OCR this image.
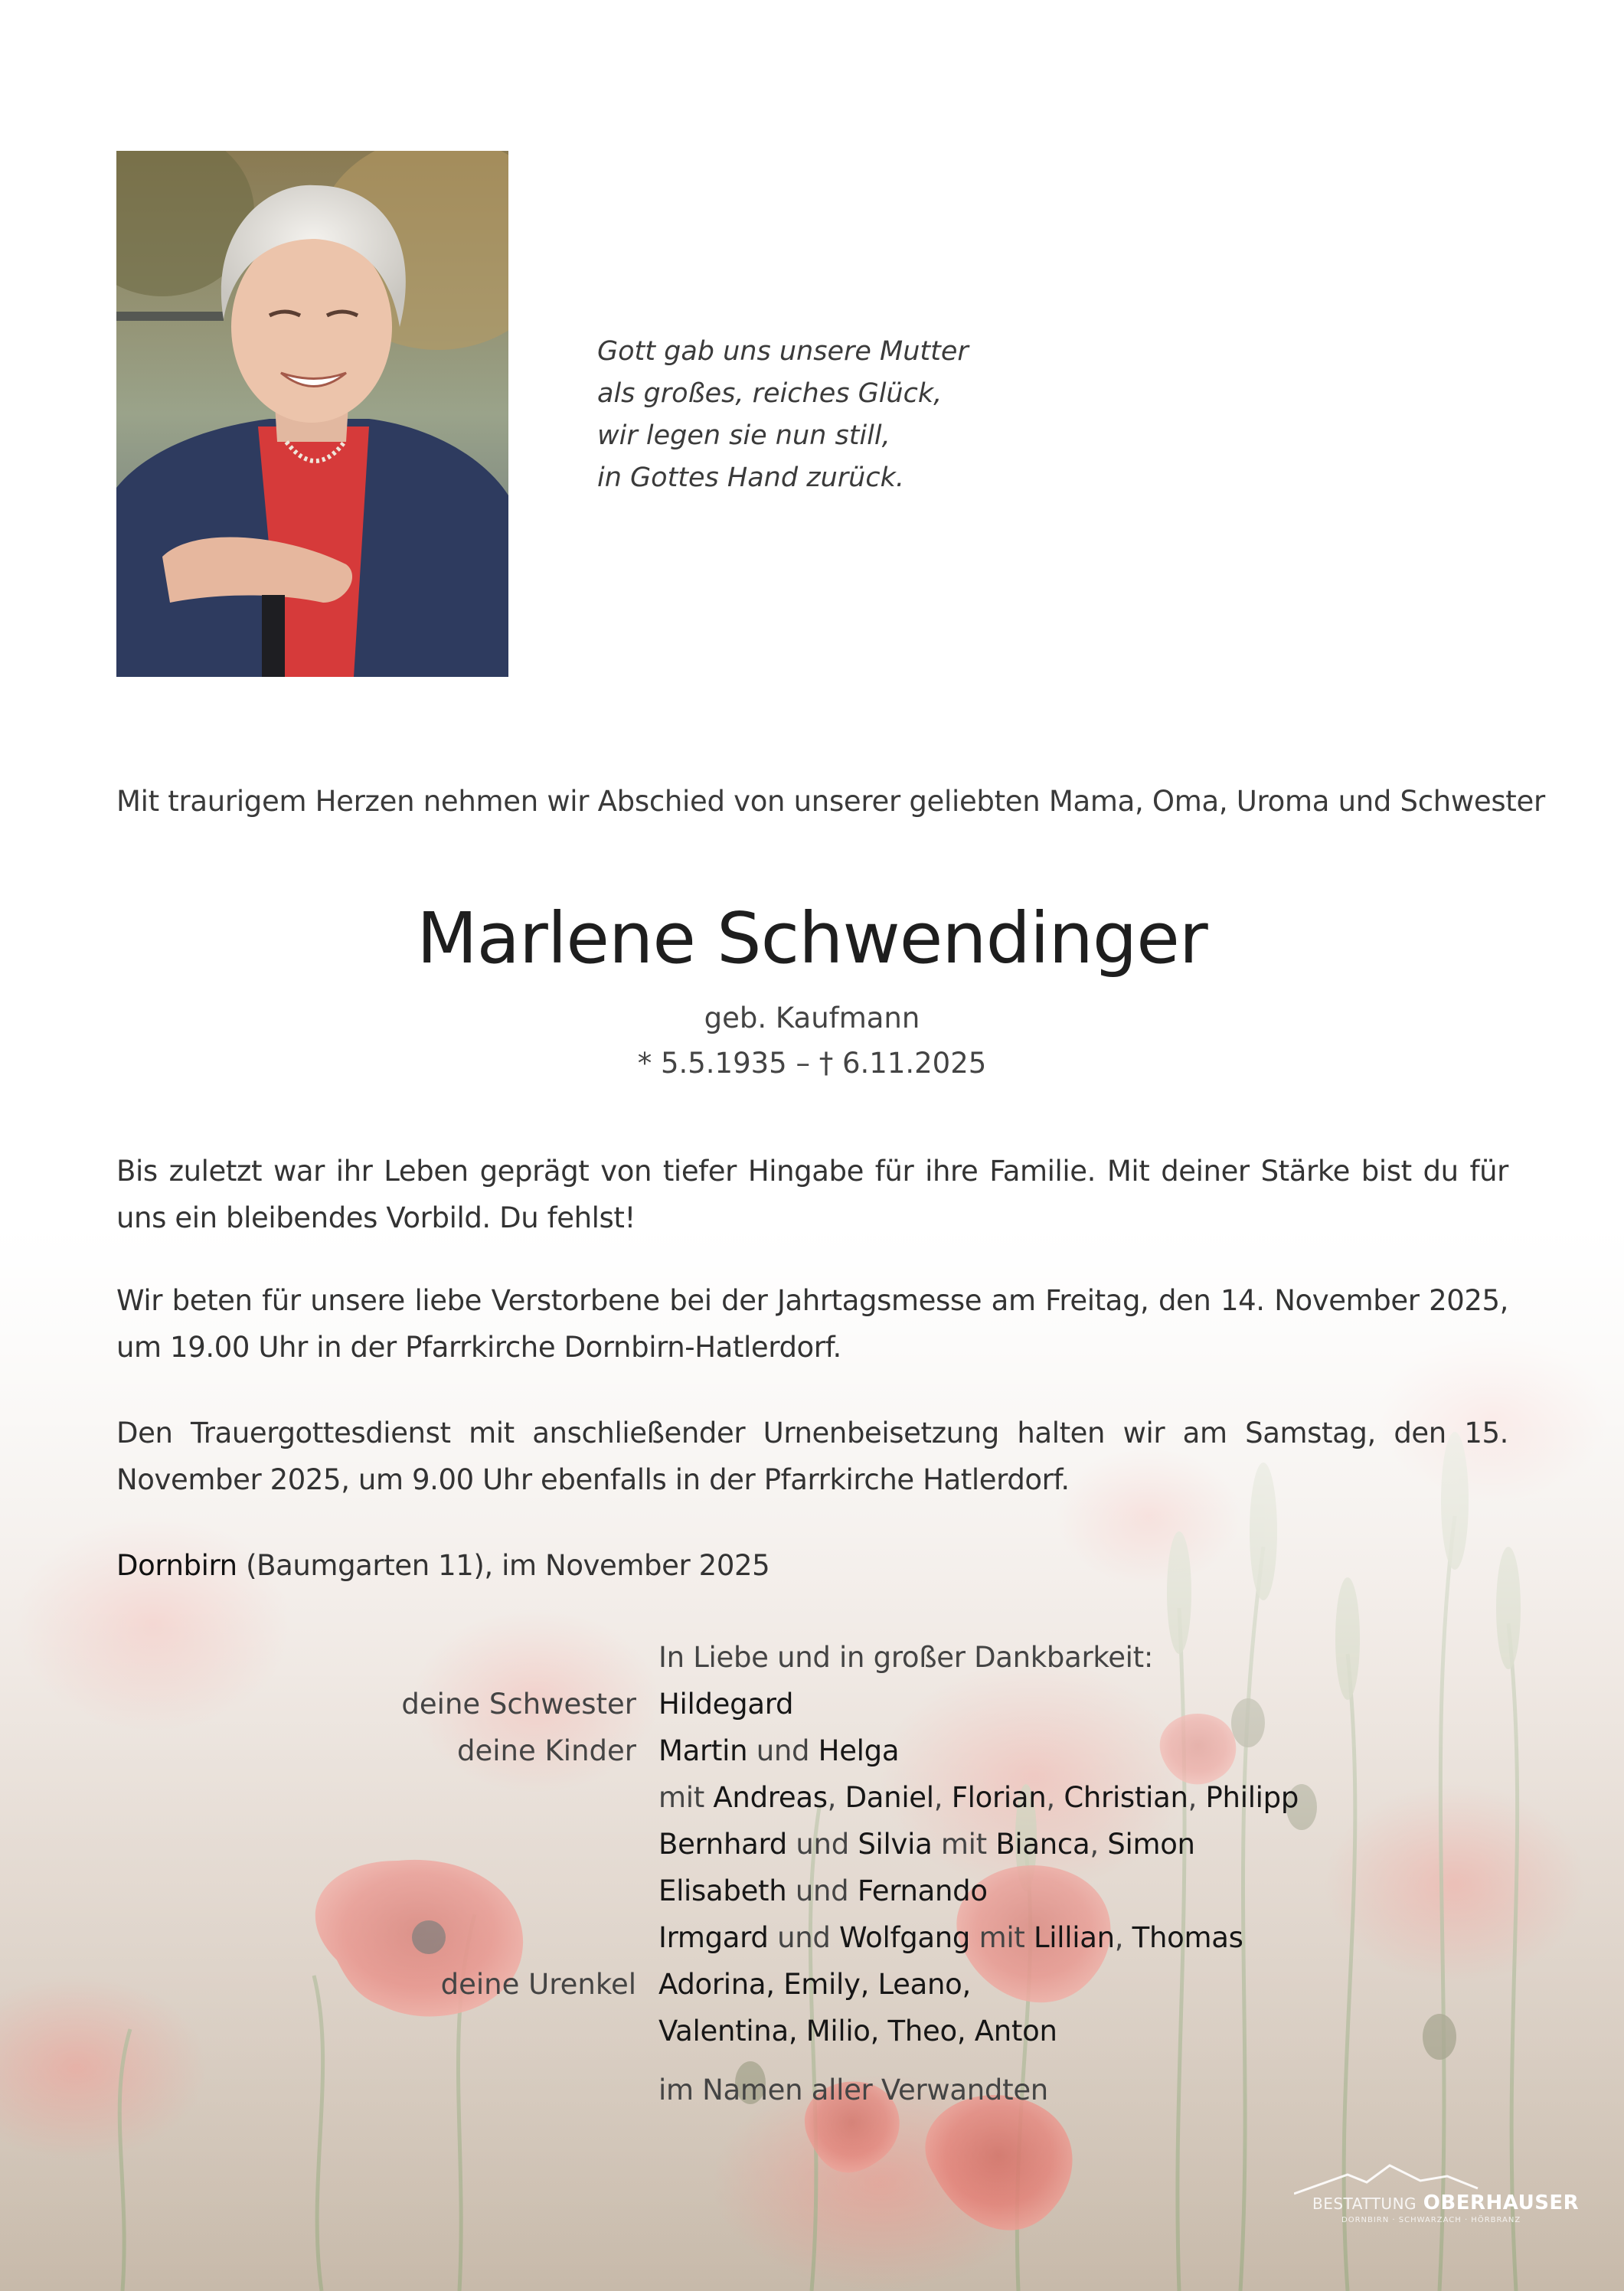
Gott gab uns unsere Mutter
als großes, reiches Glück,
wir legen sie nun still,
in Gottes Hand zurück.
Mit traurigem Herzen nehmen wir Abschied von unserer geliebten Mama, Oma, Uroma und Schwester
Marlene Schwendinger
geb. Kaufmann
* 5.5.1935 – † 6.11.2025
Bis zuletzt war ihr Leben geprägt von tiefer Hingabe für ihre Familie. Mit deiner Stärke bist du für uns ein bleibendes Vorbild. Du fehlst!
Wir beten für unsere liebe Verstorbene bei der Jahrtagsmesse am Freitag, den 14. November 2025, um 19.00 Uhr in der Pfarrkirche Dornbirn-Hatlerdorf.
Den Trauergottesdienst mit anschließender Urnenbeisetzung halten wir am Samstag, den 15. November 2025, um 9.00 Uhr ebenfalls in der Pfarrkirche Hatlerdorf.
Dornbirn (Baumgarten 11), im November 2025
In Liebe und in großer Dankbarkeit:
deine Schwester Hildegard
deine Kinder Martin und Helga
mit Andreas, Daniel, Florian, Christian, Philipp
Bernhard und Silvia mit Bianca, Simon
Elisabeth und Fernando
Irmgard und Wolfgang mit Lillian, Thomas
deine Urenkel Adorina, Emily, Leano,
Valentina, Milio, Theo, Anton
im Namen aller Verwandten
BESTATTUNG OBERHAUSER
DORNBIRN · SCHWARZACH · HÖRBRANZ
